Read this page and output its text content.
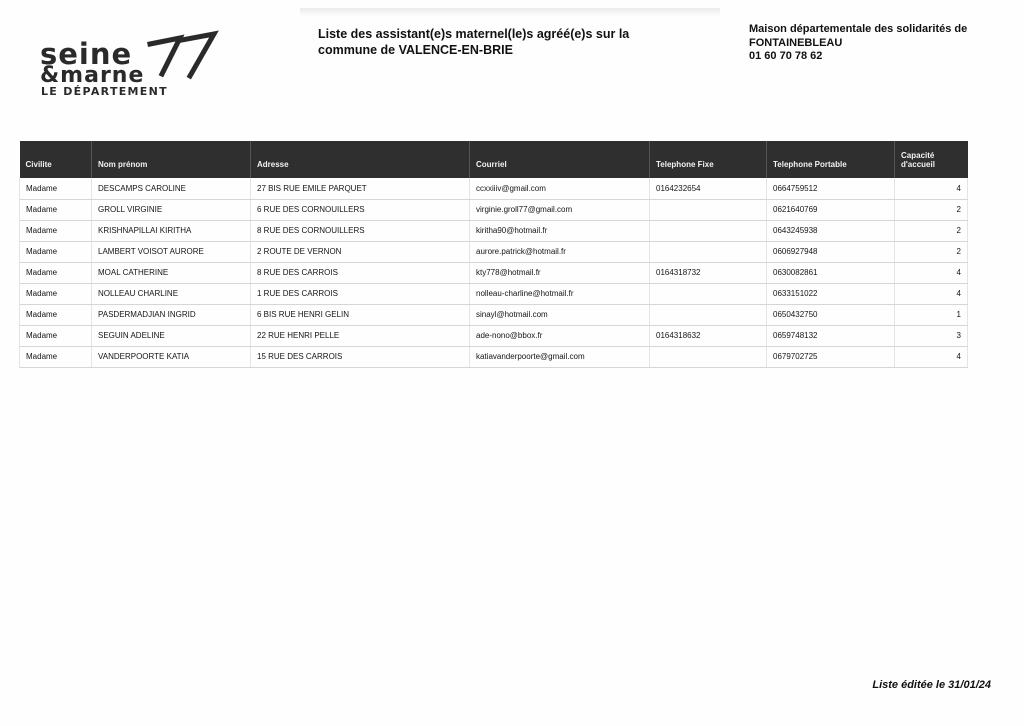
seine
&marne
LE DÉPARTEMENT
Liste des assistant(e)s maternel(le)s agréé(e)s sur la
commune de VALENCE-EN-BRIE
Maison départementale des solidarités de
FONTAINEBLEAU
01 60 70 78 62
Civilite	Nom prénom	Adresse	Courriel	Telephone Fixe	Telephone Portable	Capacité
d'accueil

Madame	DESCAMPS CAROLINE	27 BIS RUE EMILE PARQUET	ccxxiiiv@gmail.com	0164232654	0664759512	4
Madame	GROLL VIRGINIE	6 RUE DES CORNOUILLERS	virginie.groll77@gmail.com		0621640769	2
Madame	KRISHNAPILLAI KIRITHA	8 RUE DES CORNOUILLERS	kiritha90@hotmail.fr		0643245938	2
Madame	LAMBERT VOISOT AURORE	2 ROUTE DE VERNON	aurore.patrick@hotmail.fr		0606927948	2
Madame	MOAL CATHERINE	8 RUE DES CARROIS	kty778@hotmail.fr	0164318732	0630082861	4
Madame	NOLLEAU CHARLINE	1 RUE DES CARROIS	nolleau-charline@hotmail.fr		0633151022	4
Madame	PASDERMADJIAN INGRID	6 BIS RUE HENRI GELIN	sinayl@hotmail.com		0650432750	1
Madame	SEGUIN ADELINE	22 RUE HENRI PELLE	ade-nono@bbox.fr	0164318632	0659748132	3
Madame	VANDERPOORTE KATIA	15 RUE DES CARROIS	katiavanderpoorte@gmail.com		0679702725	4
Liste éditée le 31/01/24
